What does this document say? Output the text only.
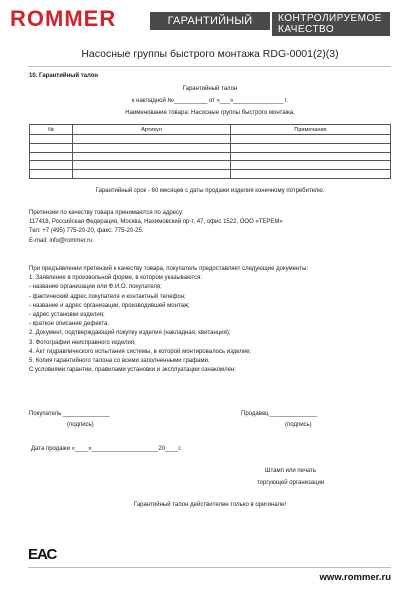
ROMMER	ГАРАНТИЙНЫЙ ТАЛОН
КОНТРОЛИРУЕМОЕ
КАЧЕСТВО
Насосные группы быстрого монтажа RDG-0001(2)(3)
10. Гарантийный талон
Гарантийный талон
к накладной №__________ от «___»_______________ г.
Наименование товара: Насосные группы быстрого монтажа.
№	Артикул	Примечание

Гарантийный срок - 60 месяцев с даты продажи изделия конечному потребителю.
Претензии по качеству товара принимаются по адресу:
117418, Российская Федерация, Москва, Нахимовский пр-т, 47, офис 1522, ООО «ТЕРЕМ»
Тел: +7 (495) 775-20-20, факс: 775-20-25.
E-mail: info@rommer.ru
При предъявлении претензий к качеству товара, покупатель предоставляет следующие документы:
1. Заявление в произвольной форме, в котором указываются:
- название организации или Ф.И.О. покупателя;
- фактический адрес покупателя и контактный телефон;
- название и адрес организации, производившей монтаж;
- адрес установки изделия;
- краткое описание дефекта.
2. Документ, подтверждающий покупку изделия (накладная, квитанция);
3. Фотографии неисправного изделия;
4. Акт гидравлического испытания системы, в которой монтировалось изделие;
5. Копия гарантийного талона со всеми заполненными графами.
С условиями гарантии, правилами установки и эксплуатации ознакомлен:
Покупатель ______________
(подпись)
Продавец ______________
(подпись)
Дата продажи «____»____________________20____г.
Штамп или печать
торгующей организации
Гарантийный талон действителен только в оригинале!
ЕАС
www.rommer.ru
